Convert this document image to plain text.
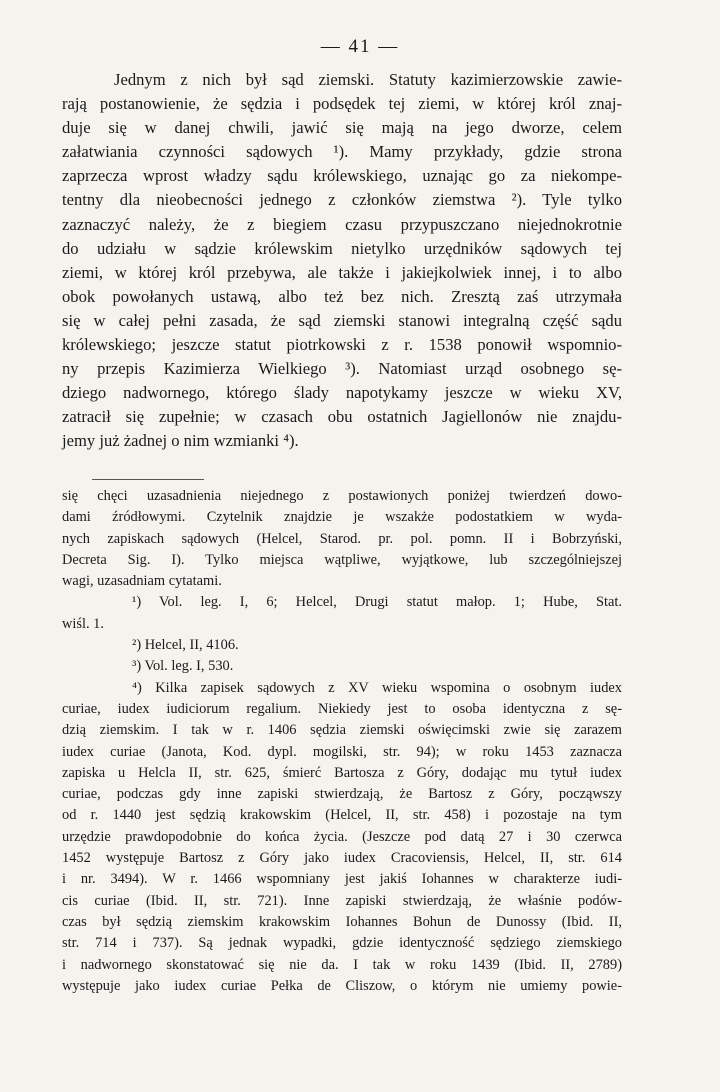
— 41 —
Jednym z nich był sąd ziemski. Statuty kazimierzowskie zawie-
rają postanowienie, że sędzia i podsędek tej ziemi, w której król znaj-
duje się w danej chwili, jawić się mają na jego dworze, celem
załatwiania czynności sądowych ¹). Mamy przykłady, gdzie strona
zaprzecza wprost władzy sądu królewskiego, uznając go za niekompe-
tentny dla nieobecności jednego z członków ziemstwa ²). Tyle tylko
zaznaczyć należy, że z biegiem czasu przypuszczano niejednokrotnie
do udziału w sądzie królewskim nietylko urzędników sądowych tej
ziemi, w której król przebywa, ale także i jakiejkolwiek innej, i to albo
obok powołanych ustawą, albo też bez nich. Zresztą zaś utrzymała
się w całej pełni zasada, że sąd ziemski stanowi integralną część sądu
królewskiego; jeszcze statut piotrkowski z r. 1538 ponowił wspomnio-
ny przepis Kazimierza Wielkiego ³). Natomiast urząd osobnego sę-
dziego nadwornego, którego ślady napotykamy jeszcze w wieku XV,
zatracił się zupełnie; w czasach obu ostatnich Jagiellonów nie znajdu-
jemy już żadnej o nim wzmianki ⁴).
się chęci uzasadnienia niejednego z postawionych poniżej twierdzeń dowo-
dami źródłowymi. Czytelnik znajdzie je wszakże podostatkiem w wyda-
nych zapiskach sądowych (Helcel, Starod. pr. pol. pomn. II i Bobrzyński,
Decreta Sig. I). Tylko miejsca wątpliwe, wyjątkowe, lub szczególniejszej
wagi, uzasadniam cytatami.
¹) Vol. leg. I, 6; Helcel, Drugi statut małop. 1; Hube, Stat.
wiśl. 1.
²) Helcel, II, 4106.
³) Vol. leg. I, 530.
⁴) Kilka zapisek sądowych z XV wieku wspomina o osobnym iudex
curiae, iudex iudiciorum regalium. Niekiedy jest to osoba identyczna z sę-
dzią ziemskim. I tak w r. 1406 sędzia ziemski oświęcimski zwie się zarazem
iudex curiae (Janota, Kod. dypl. mogilski, str. 94); w roku 1453 zaznacza
zapiska u Helcla II, str. 625, śmierć Bartosza z Góry, dodając mu tytuł iudex
curiae, podczas gdy inne zapiski stwierdzają, że Bartosz z Góry, począwszy
od r. 1440 jest sędzią krakowskim (Helcel, II, str. 458) i pozostaje na tym
urzędzie prawdopodobnie do końca życia. (Jeszcze pod datą 27 i 30 czerwca
1452 występuje Bartosz z Góry jako iudex Cracoviensis, Helcel, II, str. 614
i nr. 3494). W r. 1466 wspomniany jest jakiś Iohannes w charakterze iudi-
cis curiae (Ibid. II, str. 721). Inne zapiski stwierdzają, że właśnie podów-
czas był sędzią ziemskim krakowskim Iohannes Bohun de Dunossy (Ibid. II,
str. 714 i 737). Są jednak wypadki, gdzie identyczność sędziego ziemskiego
i nadwornego skonstatować się nie da. I tak w roku 1439 (Ibid. II, 2789)
występuje jako iudex curiae Pełka de Cliszow, o którym nie umiemy powie-
